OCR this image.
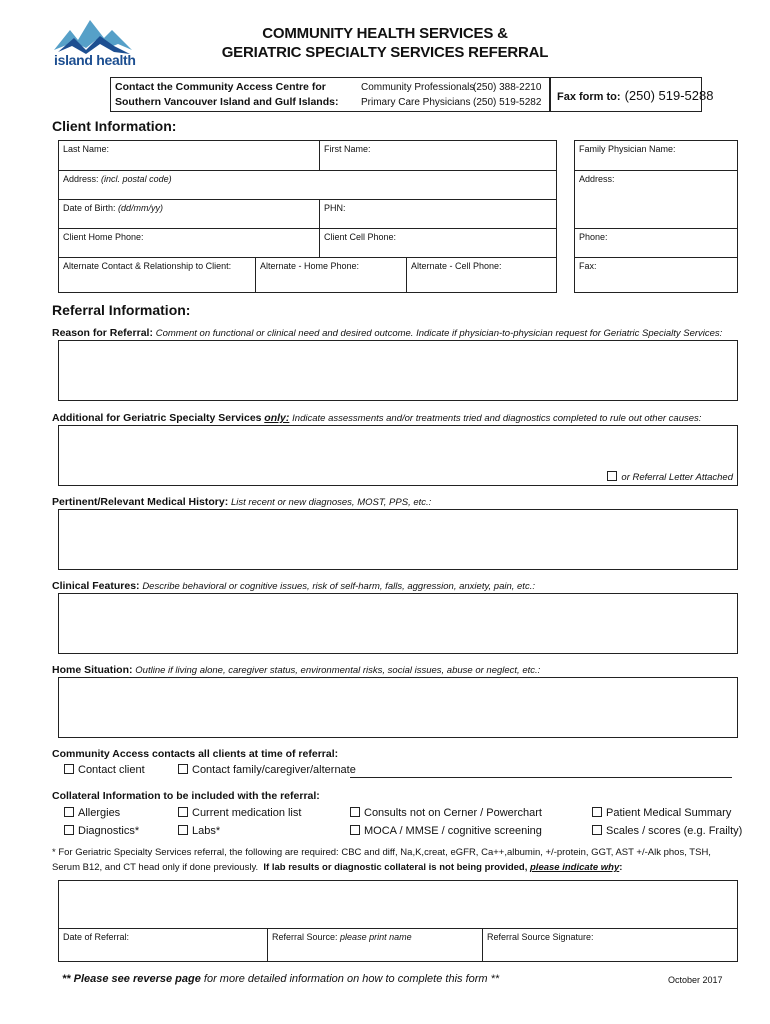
island health
COMMUNITY HEALTH SERVICES &
GERIATRIC SPECIALTY SERVICES REFERRAL
Contact the Community Access Centre for
Southern Vancouver Island and Gulf Islands:
Community Professionals
(250) 388-2210
Primary Care Physicians (250) 519-5282	Fax form to: (250) 519-5288
Client Information:
Last Name:	First Name:
Address: (incl. postal code)
Date of Birth: (dd/mm/yy)	PHN:
Client Home Phone:	Client Cell Phone:
Alternate Contact & Relationship to Client:	Alternate - Home Phone:	Alternate - Cell Phone:
Family Physician Name:
Address:
Phone:
Fax:
Referral Information:
Reason for Referral: Comment on functional or clinical need and desired outcome. Indicate if physician-to-physician request for Geriatric Specialty Services:
Additional for Geriatric Specialty Services only: Indicate assessments and/or treatments tried and diagnostics completed to rule out other causes:
or Referral Letter Attached
Pertinent/Relevant Medical History: List recent or new diagnoses, MOST, PPS, etc.:
Clinical Features: Describe behavioral or cognitive issues, risk of self-harm, falls, aggression, anxiety, pain, etc.:
Home Situation: Outline if living alone, caregiver status, environmental risks, social issues, abuse or neglect, etc.:
Community Access contacts all clients at time of referral:
Contact client	Contact family/caregiver/alternate
Collateral Information to be included with the referral:
Allergies
Diagnostics*
Current medication list
Labs*
Consults not on Cerner / Powerchart
MOCA / MMSE / cognitive screening
Patient Medical Summary
Scales / scores (e.g. Frailty)
* For Geriatric Specialty Services referral, the following are required: CBC and diff, Na,K,creat, eGFR, Ca++,albumin, +/-protein, GGT, AST +/-Alk phos, TSH,
Serum B12, and CT head only if done previously. If lab results or diagnostic collateral is not being provided, please indicate why:
Date of Referral:	Referral Source: please print name	Referral Source Signature:
** Please see reverse page for more detailed information on how to complete this form **	October 2017
